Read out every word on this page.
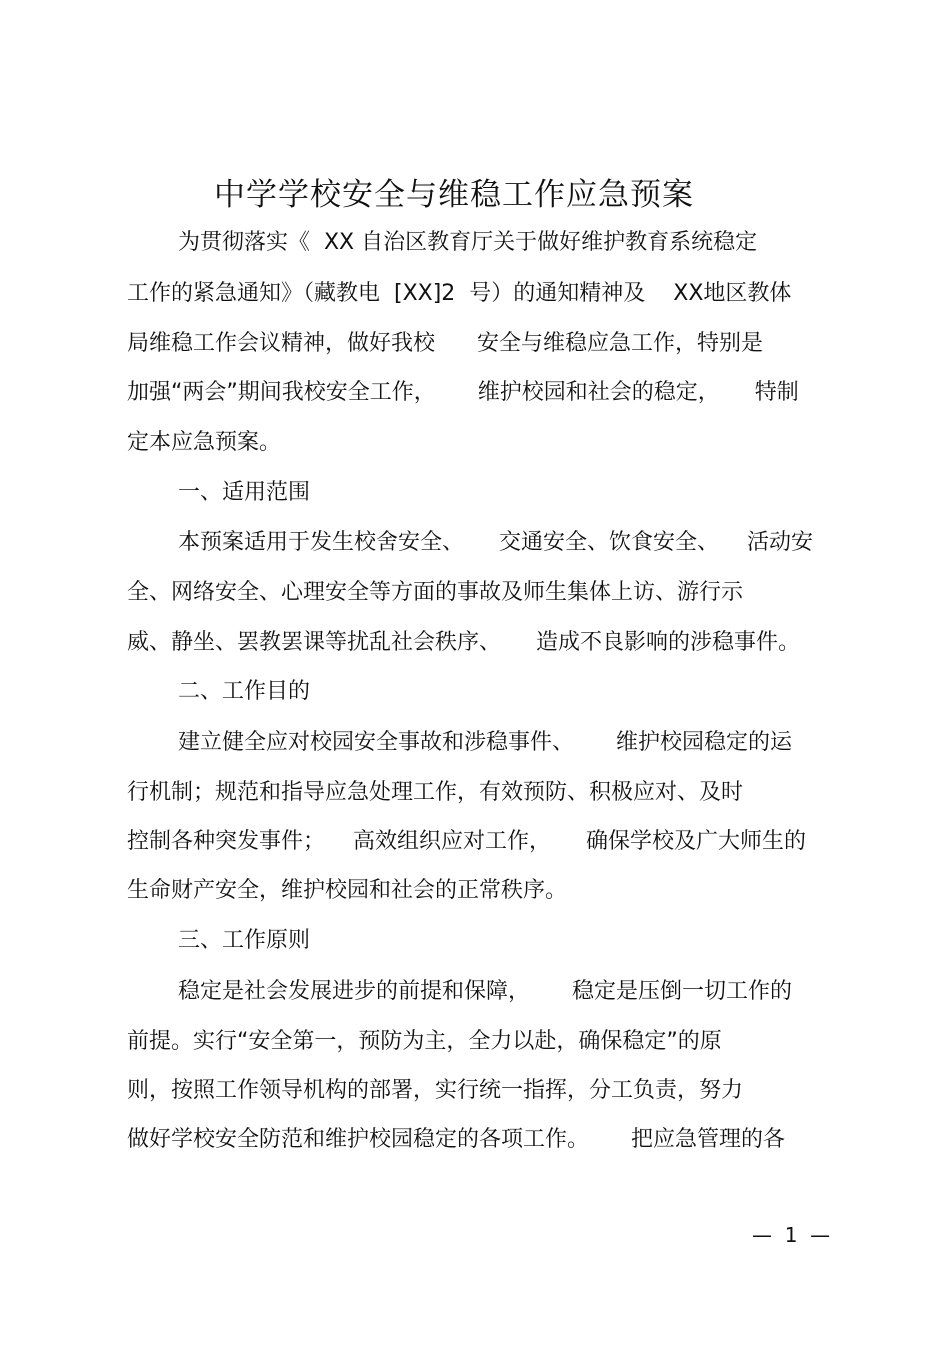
中学学校安全与维稳工作应急预案
为贯彻落实《  XX 自治区教育厅关于做好维护教育系统稳定
工作的紧急通知》（藏教电  [XX]2  号）的通知精神及    XX地区教体
局维稳工作会议精神，做好我校      安全与维稳应急工作，特别是
加强“两会”期间我校安全工作，      维护校园和社会的稳定，     特制
定本应急预案。
一、适用范围
本预案适用于发生校舍安全、     交通安全、饮食安全、    活动安
全、网络安全、心理安全等方面的事故及师生集体上访、游行示
威、静坐、罢教罢课等扰乱社会秩序、     造成不良影响的涉稳事件。
二、工作目的
建立健全应对校园安全事故和涉稳事件、      维护校园稳定的运
行机制；规范和指导应急处理工作，有效预防、积极应对、及时
控制各种突发事件；    高效组织应对工作，     确保学校及广大师生的
生命财产安全，维护校园和社会的正常秩序。
三、工作原则
稳定是社会发展进步的前提和保障，      稳定是压倒一切工作的
前提。实行“安全第一，预防为主，全力以赴，确保稳定”的原
则，按照工作领导机构的部署，实行统一指挥，分工负责，努力
做好学校安全防范和维护校园稳定的各项工作。      把应急管理的各
—  1  —
